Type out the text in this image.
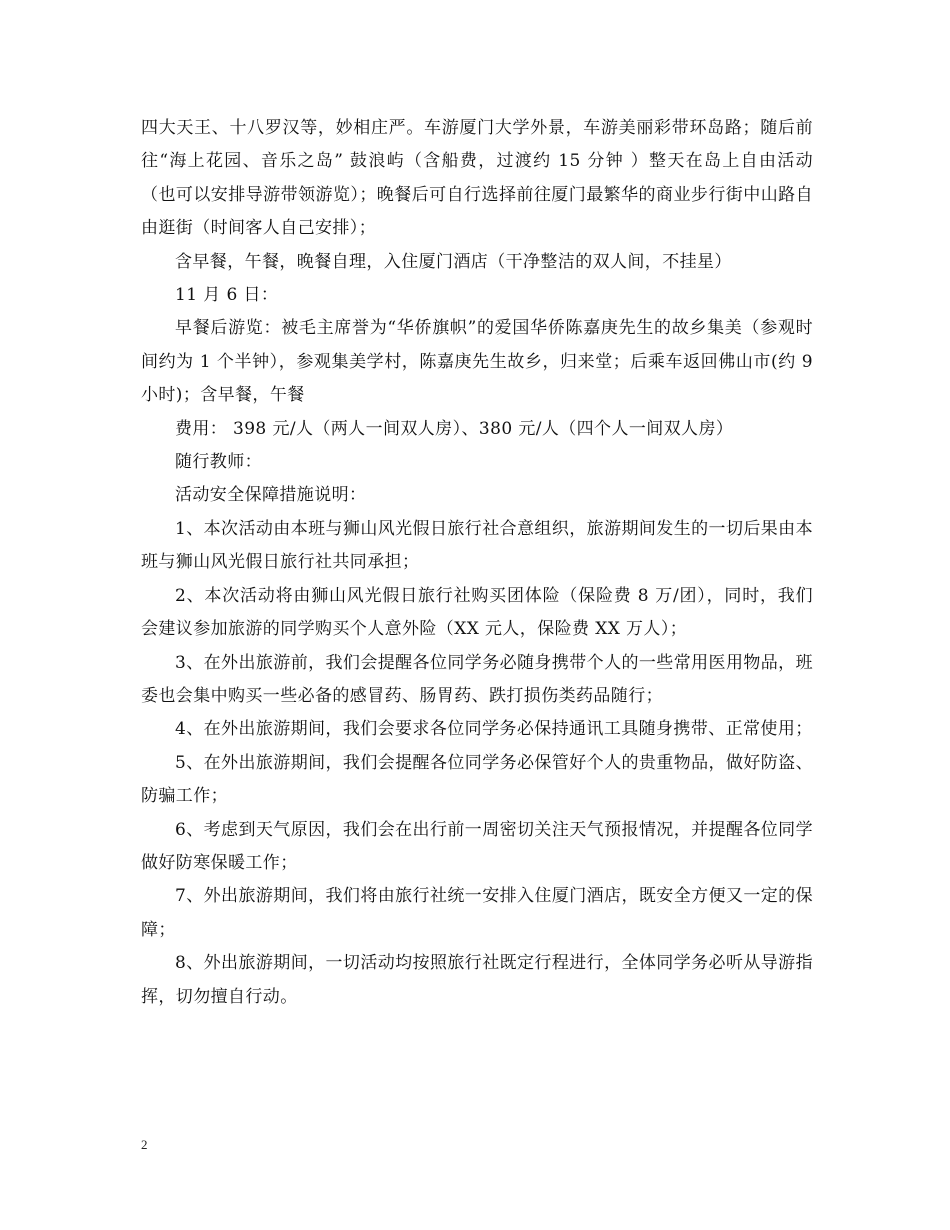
四大天王、十八罗汉等，妙相庄严。车游厦门大学外景，车游美丽彩带环岛路；随后前往“海上花园、音乐之岛” 鼓浪屿（含船费，过渡约 15 分钟 ）整天在岛上自由活动（也可以安排导游带领游览）；晚餐后可自行选择前往厦门最繁华的商业步行街中山路自由逛街（时间客人自己安排）；

含早餐，午餐，晚餐自理，入住厦门酒店（干净整洁的双人间，不挂星）

11 月 6 日：

早餐后游览：被毛主席誉为“华侨旗帜”的爱国华侨陈嘉庚先生的故乡集美（参观时间约为 1 个半钟），参观集美学村，陈嘉庚先生故乡，归来堂；后乘车返回佛山市(约 9 小时)；含早餐，午餐

费用： 398 元/人（两人一间双人房）、380 元/人（四个人一间双人房）

随行教师：

活动安全保障措施说明：

1、本次活动由本班与狮山风光假日旅行社合意组织，旅游期间发生的一切后果由本班与狮山风光假日旅行社共同承担；

2、本次活动将由狮山风光假日旅行社购买团体险（保险费 8 万/团），同时，我们会建议参加旅游的同学购买个人意外险（XX 元人，保险费 XX 万人）；

3、在外出旅游前，我们会提醒各位同学务必随身携带个人的一些常用医用物品，班委也会集中购买一些必备的感冒药、肠胃药、跌打损伤类药品随行；

4、在外出旅游期间，我们会要求各位同学务必保持通讯工具随身携带、正常使用；

5、在外出旅游期间，我们会提醒各位同学务必保管好个人的贵重物品，做好防盗、防骗工作；

6、考虑到天气原因，我们会在出行前一周密切关注天气预报情况，并提醒各位同学做好防寒保暖工作；

7、外出旅游期间，我们将由旅行社统一安排入住厦门酒店，既安全方便又一定的保障；

8、外出旅游期间，一切活动均按照旅行社既定行程进行，全体同学务必听从导游指挥，切勿擅自行动。

2
